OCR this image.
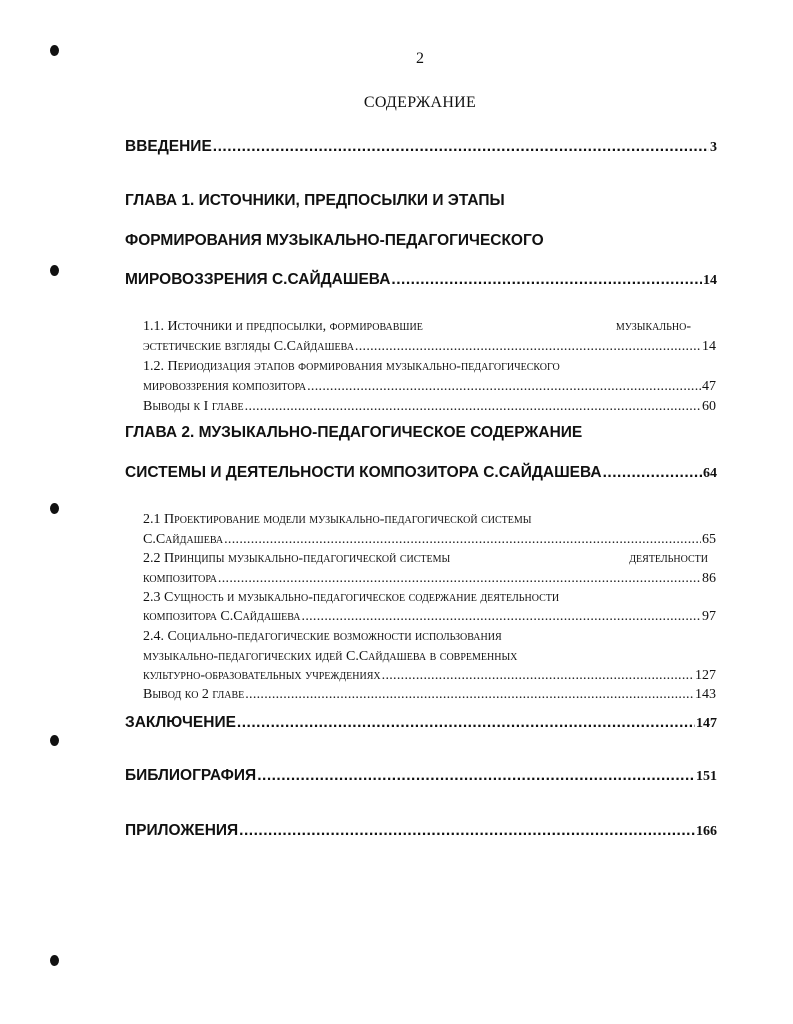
2
СОДЕРЖАНИЕ
ВВЕДЕНИЕ .....	3
ГЛАВА 1. ИСТОЧНИКИ, ПРЕДПОСЫЛКИ И ЭТАПЫ
ФОРМИРОВАНИЯ МУЗЫКАЛЬНО-ПЕДАГОГИЧЕСКОГО
МИРОВОЗЗРЕНИЯ С.САЙДАШЕВА .....	14
1.1. Источники и предпосылки, формировавшие	музыкально-
эстетические взгляды С.Сайдашева .....	14
1.2. Периодизация этапов формирования музыкально-педагогического
мировоззрения композитора .....	47
Выводы к I главе .....	60
ГЛАВА 2. МУЗЫКАЛЬНО-ПЕДАГОГИЧЕСКОЕ СОДЕРЖАНИЕ
СИСТЕМЫ И ДЕЯТЕЛЬНОСТИ КОМПОЗИТОРА С.САЙДАШЕВА .....	64
2.1 Проектирование модели музыкально-педагогической системы
С.Сайдашева .....	65
2.2 Принципы музыкально-педагогической системы	деятельности
композитора .....	86
2.3 Сущность и музыкально-педагогическое содержание деятельности
композитора С.Сайдашева .....	97
2.4. Социально-педагогические возможности использования
музыкально-педагогических идей С.Сайдашева в современных
культурно-образовательных учреждениях .....	127
Вывод ко 2 главе .....	143
ЗАКЛЮЧЕНИЕ .....	147
БИБЛИОГРАФИЯ .....	151
ПРИЛОЖЕНИЯ .....	166
